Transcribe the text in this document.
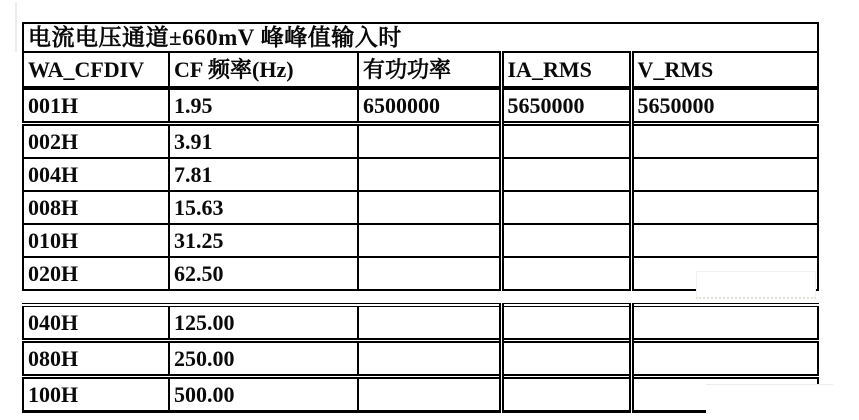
电流电压通道±660mV 峰峰值输入时				
WA_CFDIV	CF 频率(Hz)	有功功率	IA_RMS	V_RMS
001H	1.95	6500000	5650000	5650000
002H	3.91			
004H	7.81			
008H	15.63			
010H	31.25			
020H	62.50			
040H	125.00			
080H	250.00			
100H	500.00			
